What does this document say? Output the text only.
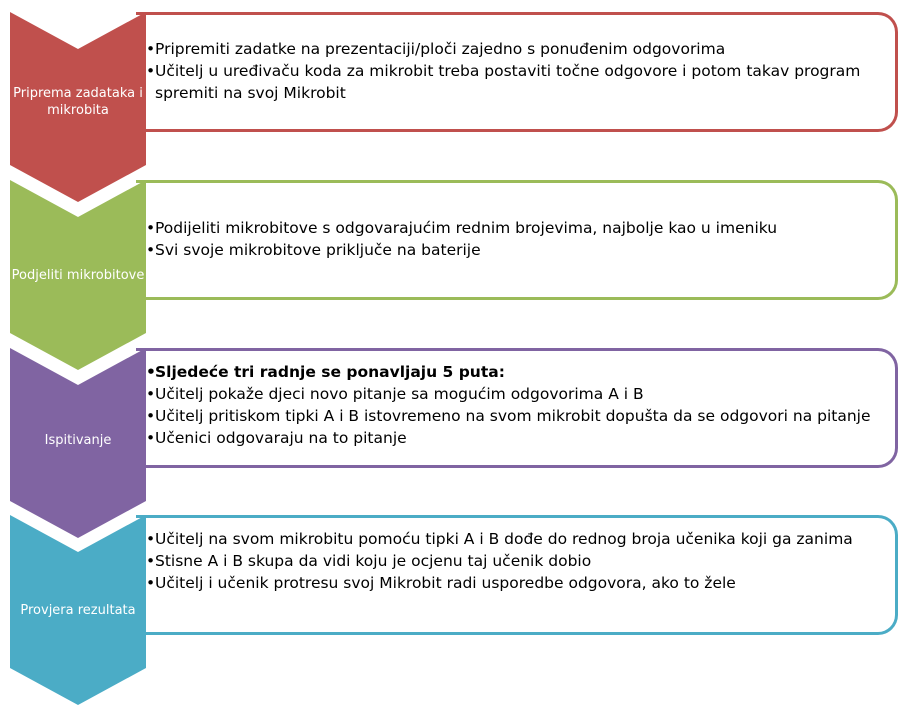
Priprema zadataka i mikrobita
• Pripremiti zadatke na prezentaciji/ploči zajedno s ponuđenim odgovorima
• Učitelj u uređivaču koda za mikrobit treba postaviti točne odgovore i potom takav program spremiti na svoj Mikrobit
Podjeliti mikrobitove
• Podijeliti mikrobitove s odgovarajućim rednim brojevima, najbolje kao u imeniku
• Svi svoje mikrobitove priključe na baterije
Ispitivanje
• Sljedeće tri radnje se ponavljaju 5 puta:
• Učitelj pokaže djeci novo pitanje sa mogućim odgovorima A i B
• Učitelj pritiskom tipki A i B istovremeno na svom mikrobit dopušta da se odgovori na pitanje
• Učenici odgovaraju na to pitanje
Provjera rezultata
• Učitelj na svom mikrobitu pomoću tipki A i B dođe do rednog broja učenika koji ga zanima
• Stisne A i B skupa da vidi koju je ocjenu taj učenik dobio
• Učitelj i učenik protresu svoj Mikrobit radi usporedbe odgovora, ako to žele
